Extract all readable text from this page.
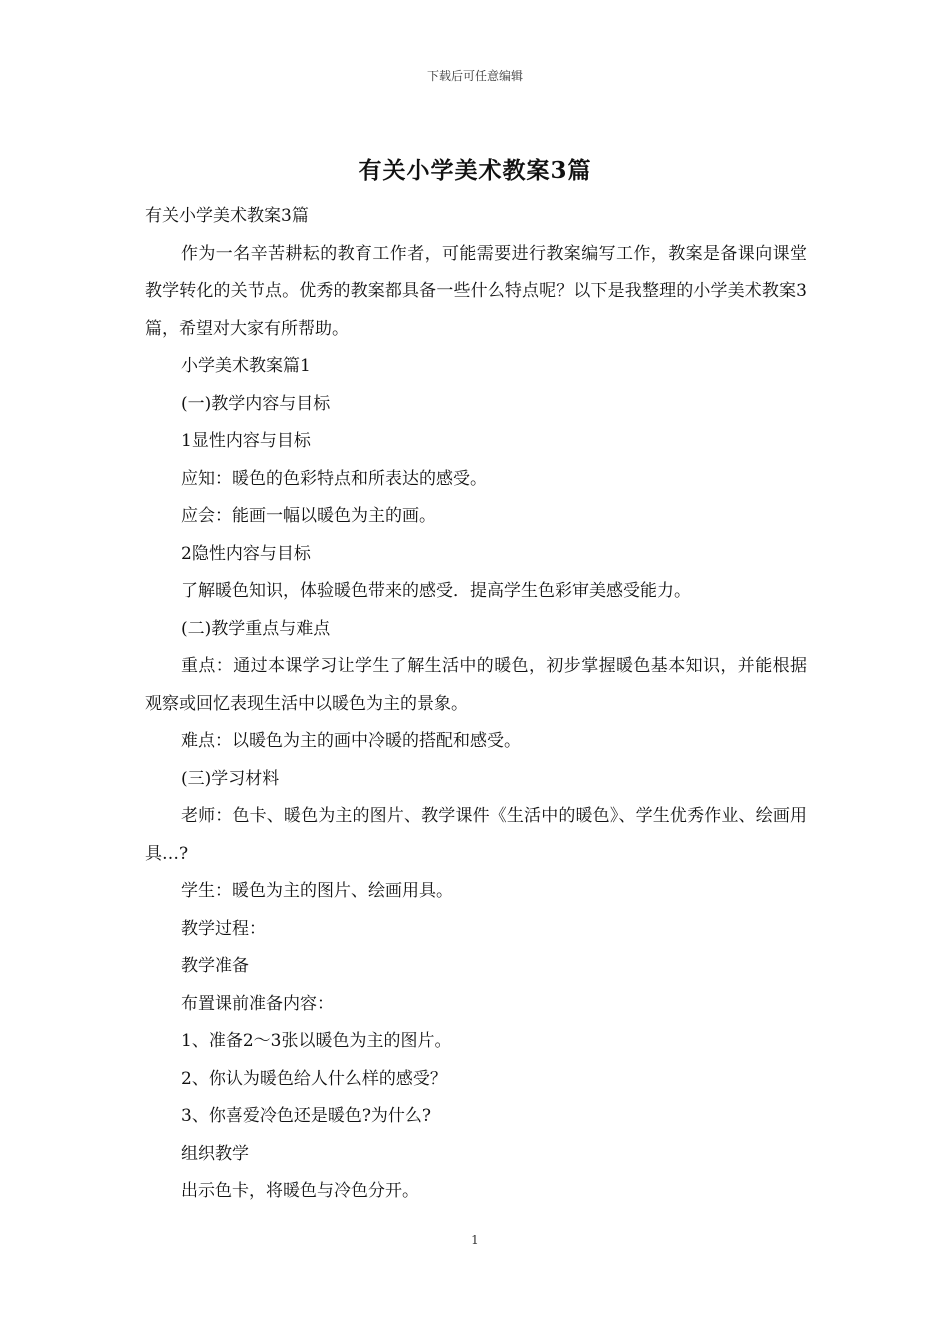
下载后可任意编辑
有关小学美术教案3篇

有关小学美术教案3篇

作为一名辛苦耕耘的教育工作者，可能需要进行教案编写工作，教案是备课向课堂教学转化的关节点。优秀的教案都具备一些什么特点呢？以下是我整理的小学美术教案3篇，希望对大家有所帮助。

小学美术教案篇1

(一)教学内容与目标

1显性内容与目标

应知：暖色的色彩特点和所表达的感受。

应会：能画一幅以暖色为主的画。

2隐性内容与目标

了解暖色知识，体验暖色带来的感受．提高学生色彩审美感受能力。

(二)教学重点与难点

重点：通过本课学习让学生了解生活中的暖色，初步掌握暖色基本知识，并能根据观察或回忆表现生活中以暖色为主的景象。

难点：以暖色为主的画中冷暖的搭配和感受。

(三)学习材料

老师：色卡、暖色为主的图片、教学课件《生活中的暖色》、学生优秀作业、绘画用具…?

学生：暖色为主的图片、绘画用具。

教学过程：

教学准备

布置课前准备内容：

1、准备2～3张以暖色为主的图片。

2、你认为暖色给人什么样的感受？

3、你喜爱冷色还是暖色?为什么?

组织教学

出示色卡，将暖色与冷色分开。

1
